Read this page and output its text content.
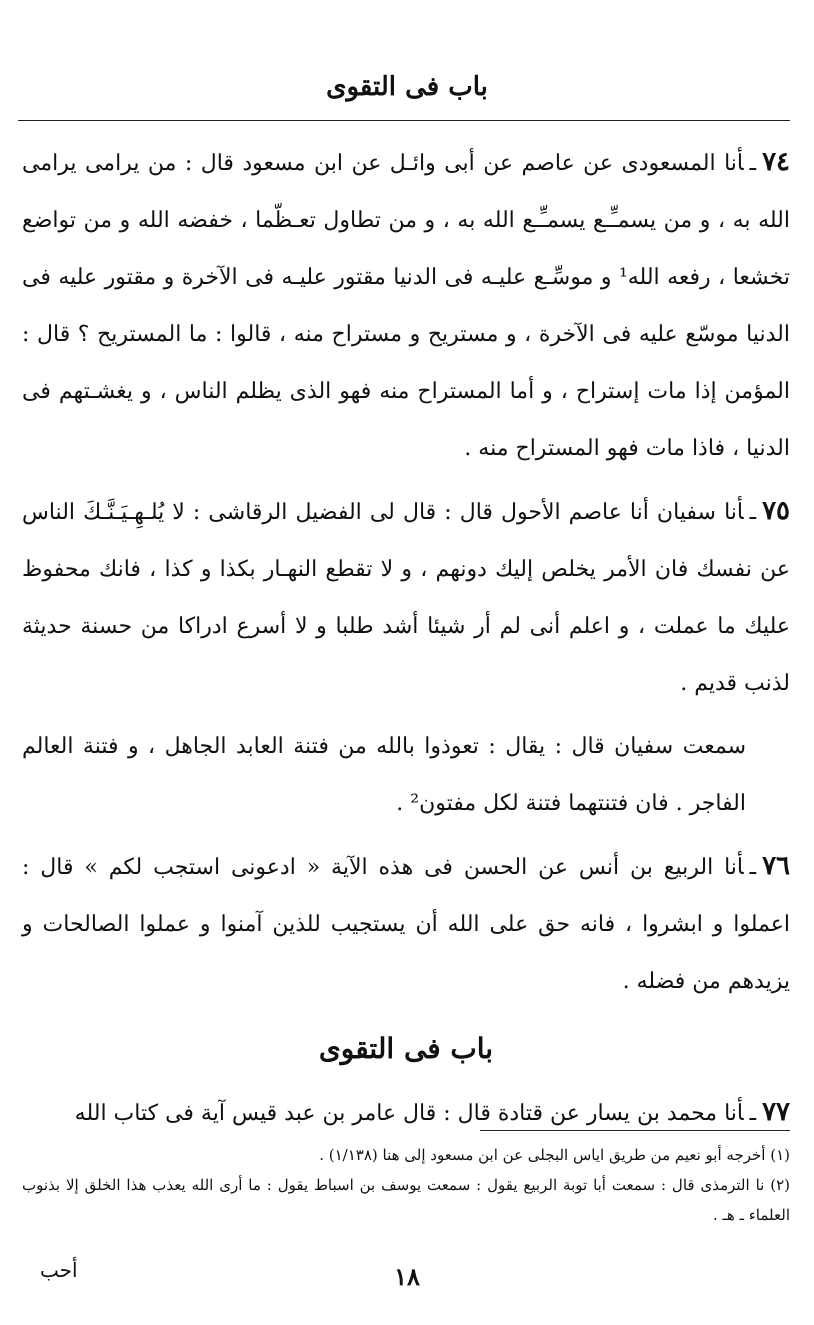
باب فى التقوى

٧٤ـأنا المسعودى عن عاصم عن أبى وائـل عن ابن مسعود قال : من يرامى يرامى الله به ، و من يسمـِّـع يسمـِّـع الله به ، و من تطاول تعـظّما ، خفضه الله و من تواضع تخشعا ، رفعه الله¹ و موسِّـع عليـه فى الدنيا مقتور عليـه فى الآخرة و مقتور عليه فى الدنيا موسّع عليه فى الآخرة ، و مستريح و مستراح منه ، قالوا : ما المستريح ؟ قال : المؤمن إذا مات إستراح ، و أما المستراح منه فهو الذى يظلم الناس ، و يغشـتهم فى الدنيا ، فاذا مات فهو المستراح منه .

٧٥ـأنا سفيان أنا عاصم الأحول قال : قال لى الفضيل الرقاشى : لا يُلـهِـيَـنَّـكَ الناس عن نفسك فان الأمر يخلص إليك دونهم ، و لا تقطع النهـار بكذا و كذا ، فانك محفوظ عليك ما عملت ، و اعلم أنى لم أر شيئا أشد طلبا و لا أسرع ادراكا من حسنة حديثة لذنب قديم .

سمعت سفيان قال : يقال : تعوذوا بالله من فتنة العابد الجاهل ، و فتنة العالم الفاجر . فان فتنتهما فتنة لكل مفتون² .

٧٦ـأنا الربيع بن أنس عن الحسن فى هذه الآية « ادعونى استجب لكم » قال : اعملوا و ابشروا ، فانه حق على الله أن يستجيب للذين آمنوا و عملوا الصالحات و يزيدهم من فضله .

باب فى التقوى

٧٧ـأنا محمد بن يسار عن قتادة قال : قال عامر بن عبد قيس آية فى كتاب الله

(١) أخرجه أبو نعيم من طريق اياس البجلى عن ابن مسعود إلى هنا (١/١٣٨) .

(٢) نا الترمذى قال : سمعت أبا توبة الربيع يقول : سمعت يوسف بن اسباط يقول : ما أرى الله يعذب هذا الخلق إلا بذنوب العلماء ـ هـ .

١٨
أحب
